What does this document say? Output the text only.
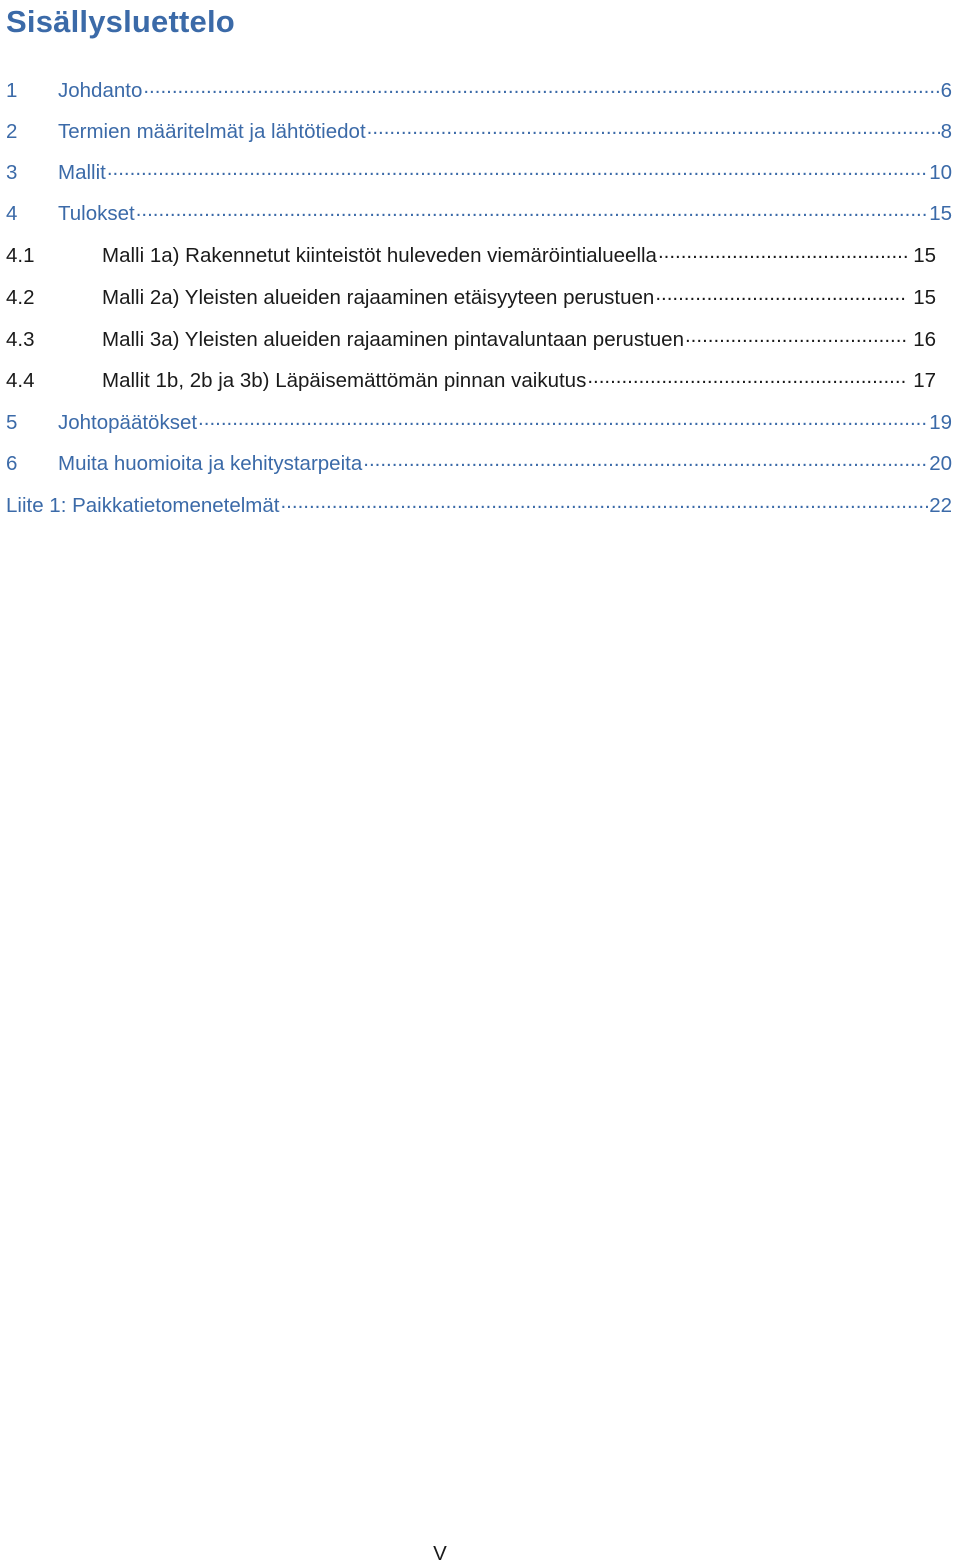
Sisällysluettelo
1	Johdanto .....	6
2	Termien määritelmät ja lähtötiedot .....	8
3	Mallit .....	10
4	Tulokset .....	15
4.1	Malli 1a) Rakennetut kiinteistöt huleveden viemäröintialueella .....	15
4.2	Malli 2a) Yleisten alueiden rajaaminen etäisyyteen perustuen .....	15
4.3	Malli 3a) Yleisten alueiden rajaaminen pintavaluntaan perustuen .....	16
4.4	Mallit 1b, 2b ja 3b) Läpäisemättömän pinnan vaikutus .....	17
5	Johtopäätökset .....	19
6	Muita huomioita ja kehitystarpeita .....	20
Liite 1: Paikkatietomenetelmät .....	22
V
